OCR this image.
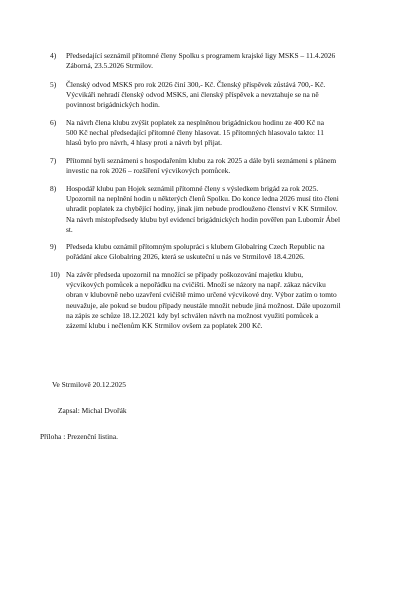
4)	Předsedající seznámil přítomné členy Spolku s programem krajské ligy MSKS – 11.4.2026
Záborná, 23.5.2026 Strmilov.
5)	Členský odvod MSKS pro rok 2026 činí 300,- Kč. Členský příspěvek zůstává 700,- Kč.
Výcvikáři nehradí členský odvod MSKS, ani členský příspěvek a nevztahuje se na ně
povinnost brigádnických hodin.
6)	Na návrh člena klubu zvýšit poplatek za nesplněnou brigádnickou hodinu ze 400 Kč na
500 Kč nechal předsedající přítomné členy hlasovat. 15 přítomných hlasovalo takto: 11
hlasů bylo pro návrh, 4 hlasy proti a návrh byl přijat.
7)	Přítomní byli seznámeni s hospodařením klubu za rok 2025 a dále byli seznámeni s plánem
investic na rok 2026 – rozšíření výcvikových pomůcek.
8)	Hospodář klubu pan Hojek seznámil přítomné členy s výsledkem brigád za rok 2025.
Upozornil na neplnění hodin u některých členů Spolku. Do konce ledna 2026 musí tito členi
uhradit poplatek za chybějící hodiny, jinak jim nebude prodlouženo členství v KK Strmilov.
Na návrh místopředsedy klubu byl evidencí brigádnických hodin pověřen pan Lubomír Ábel
st.
9)	Předseda klubu oznámil přítomným spolupráci s klubem Globalring Czech Republic na
pořádání akce Globalring 2026, která se uskuteční u nás ve Strmilově 18.4.2026.
10) Na závěr předseda upozornil na množící se případy poškozování majetku klubu,
výcvikových pomůcek a nepořádku na cvičišti. Množí se názory na např. zákaz nácviku
obran v klubovně nebo uzavření cvičiště mimo určené výcvikové dny. Výbor zatím o tomto
neuvažuje, ale pokud se budou případy neustále množit nebude jiná možnost. Dále upozornil
na zápis ze schůze 18.12.2021 kdy byl schválen návrh na možnost využití pomůcek a
zázemí klubu i nečlenům KK Strmilov ovšem za poplatek 200 Kč.
Ve Strmilově 20.12.2025
Zapsal: Michal Dvořák
Příloha : Prezenční listina.
